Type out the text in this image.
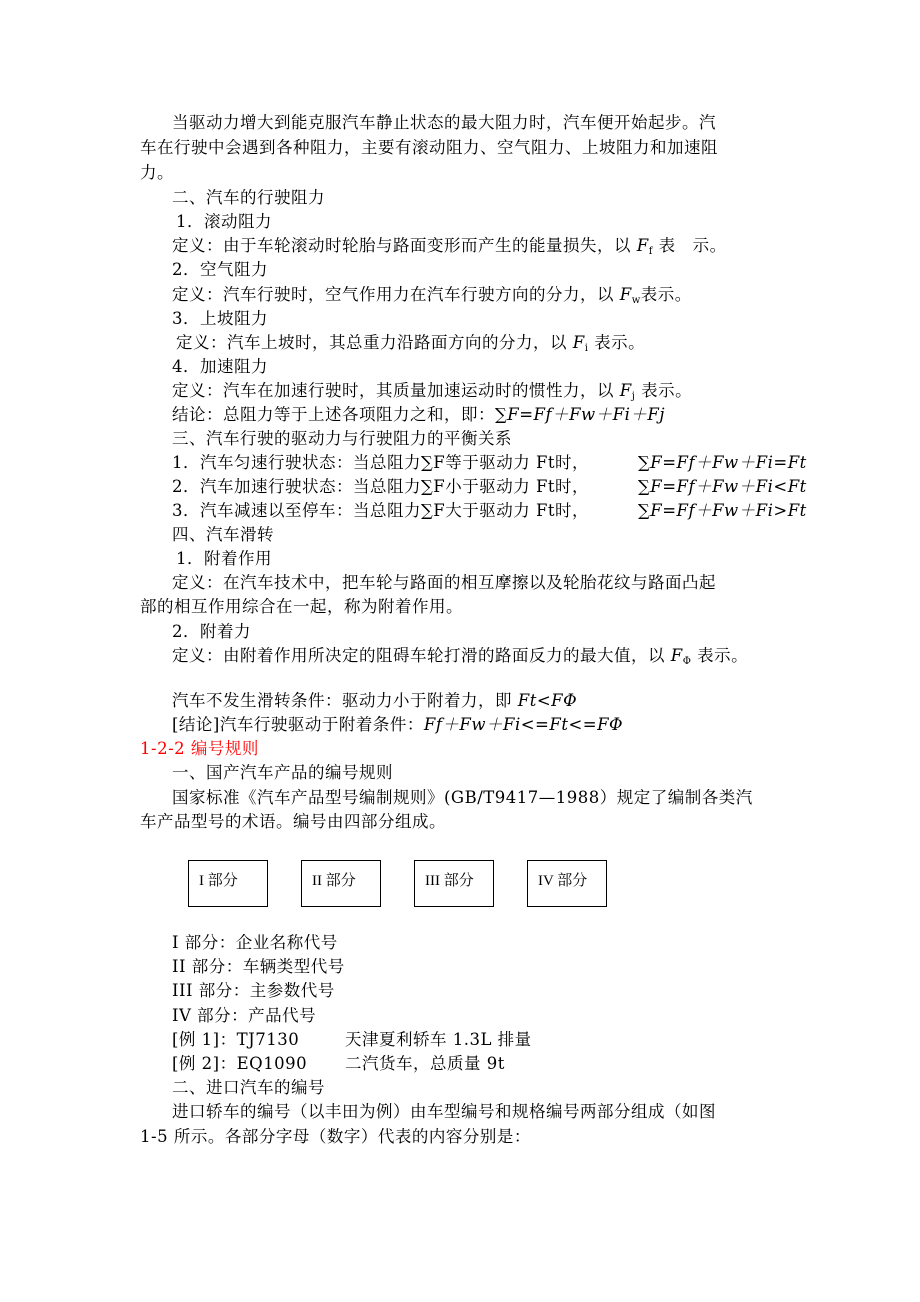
当驱动力增大到能克服汽车静止状态的最大阻力时，汽车便开始起步。汽
车在行驶中会遇到各种阻力，主要有滚动阻力、空气阻力、上坡阻力和加速阻
力。
二、汽车的行驶阻力
1．滚动阻力
定义：由于车轮滚动时轮胎与路面变形而产生的能量损失，以 $F_f$ 表　示。
2．空气阻力
定义：汽车行驶时，空气作用力在汽车行驶方向的分力，以 $F_w$表示。
3．上坡阻力
定义：汽车上坡时，其总重力沿路面方向的分力，以 $F_i$ 表示。
4．加速阻力
定义：汽车在加速行驶时，其质量加速运动时的惯性力，以 $F_j$ 表示。
结论：总阻力等于上述各项阻力之和，即：∑F=Ff＋Fw＋Fi＋Fj
三、汽车行驶的驱动力与行驶阻力的平衡关系
1．汽车匀速行驶状态：当总阻力∑F等于驱动力 Ft时，	∑F=Ff＋Fw＋Fi=Ft
2．汽车加速行驶状态：当总阻力∑F小于驱动力 Ft时，	∑F=Ff＋Fw＋Fi<Ft
3．汽车减速以至停车：当总阻力∑F大于驱动力 Ft时，	∑F=Ff＋Fw＋Fi>Ft
四、汽车滑转
1．附着作用
定义：在汽车技术中，把车轮与路面的相互摩擦以及轮胎花纹与路面凸起
部的相互作用综合在一起，称为附着作用。
2．附着力
定义：由附着作用所决定的阻碍车轮打滑的路面反力的最大值，以 $F_\Phi$ 表示。
汽车不发生滑转条件：驱动力小于附着力，即 Ft<FΦ
[结论]汽车行驶驱动于附着条件：Ff＋Fw＋Fi<=Ft<=FΦ
1-2-2 编号规则
一、国产汽车产品的编号规则
国家标准《汽车产品型号编制规则》(GB/T9417—1988）规定了编制各类汽
车产品型号的术语。编号由四部分组成。
I 部分	II 部分	III 部分	IV 部分
I 部分：企业名称代号
II 部分：车辆类型代号
III 部分：主参数代号
IV 部分：产品代号
[例 1]：TJ7130	天津夏利轿车 1.3L 排量
[例 2]：EQ1090 二汽货车，总质量 9t
二、进口汽车的编号
进口轿车的编号（以丰田为例）由车型编号和规格编号两部分组成（如图
1-5 所示。各部分字母（数字）代表的内容分别是：
